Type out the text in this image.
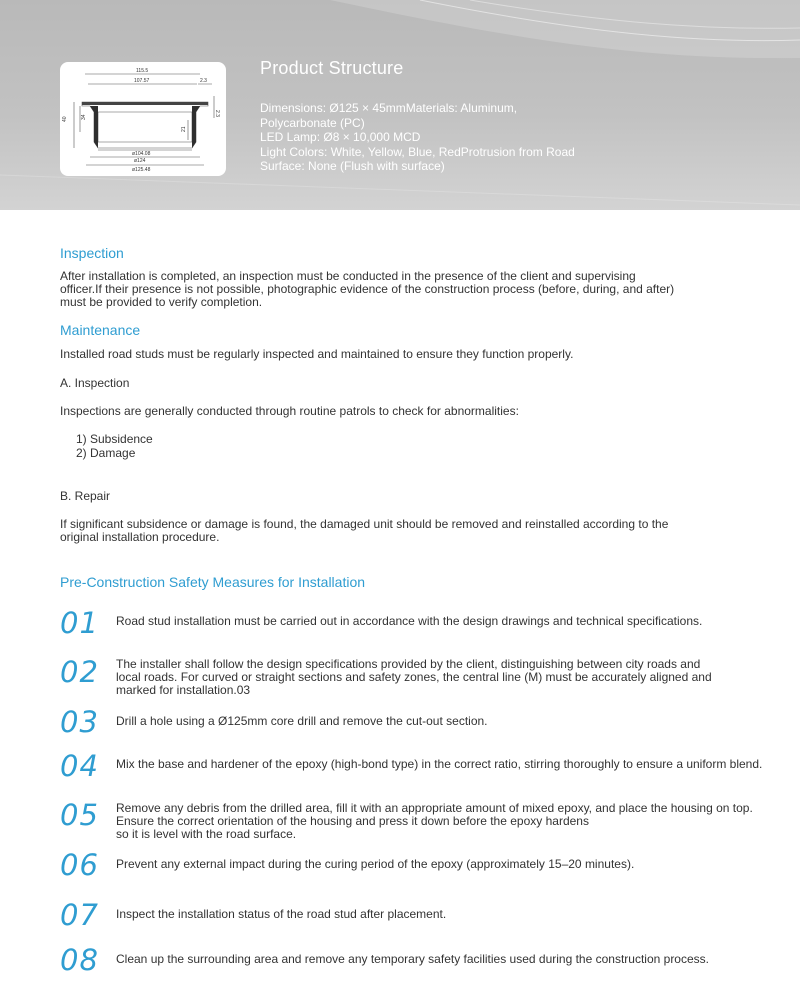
115.5
107.57	2.3
2.3
40	34
21
ø104.08
ø124
ø125.48
Product Structure
Dimensions: Ø125 × 45mmMaterials: Aluminum,
Polycarbonate (PC)
LED Lamp: Ø8 × 10,000 MCD
Light Colors: White, Yellow, Blue, RedProtrusion from Road
Surface: None (Flush with surface)
Inspection
After installation is completed, an inspection must be conducted in the presence of the client and supervising
officer.If their presence is not possible, photographic evidence of the construction process (before, during, and after)
must be provided to verify completion.
Maintenance
Installed road studs must be regularly inspected and maintained to ensure they function properly.
A. Inspection
Inspections are generally conducted through routine patrols to check for abnormalities:
1) Subsidence
2) Damage
B. Repair
If significant subsidence or damage is found, the damaged unit should be removed and reinstalled according to the
original installation procedure.
Pre-Construction Safety Measures for Installation
01 Road stud installation must be carried out in accordance with the design drawings and technical specifications.
02 The installer shall follow the design specifications provided by the client, distinguishing between city roads and
local roads. For curved or straight sections and safety zones, the central line (M) must be accurately aligned and
marked for installation.03
03 Drill a hole using a Ø125mm core drill and remove the cut-out section.
04 Mix the base and hardener of the epoxy (high-bond type) in the correct ratio, stirring thoroughly to ensure a uniform blend.
05 Remove any debris from the drilled area, fill it with an appropriate amount of mixed epoxy, and place the housing on top.
Ensure the correct orientation of the housing and press it down before the epoxy hardens
so it is level with the road surface.
06 Prevent any external impact during the curing period of the epoxy (approximately 15–20 minutes).
07 Inspect the installation status of the road stud after placement.
08 Clean up the surrounding area and remove any temporary safety facilities used during the construction process.
